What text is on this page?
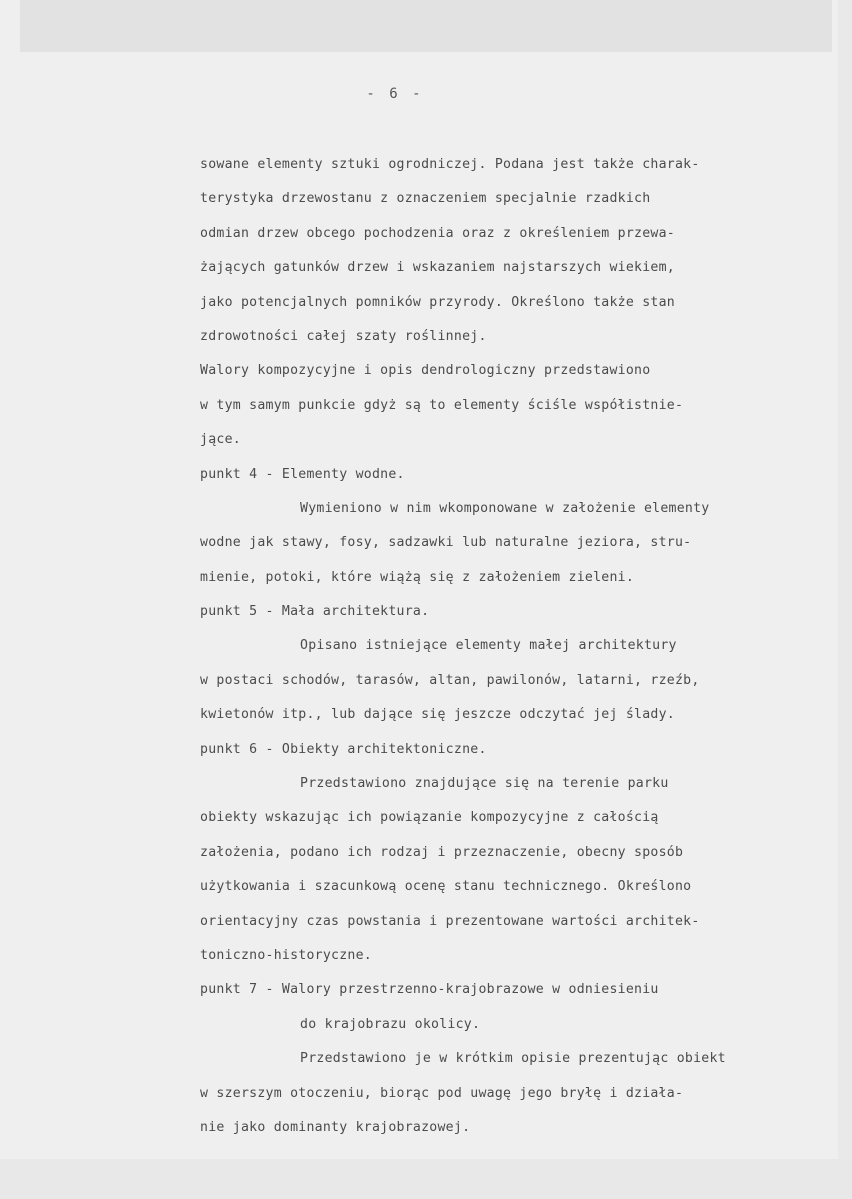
- 6 -
sowane elementy sztuki ogrodniczej. Podana jest także charak-
terystyka drzewostanu z oznaczeniem specjalnie rzadkich
odmian drzew obcego pochodzenia oraz z określeniem przewa-
żających gatunków drzew i wskazaniem najstarszych wiekiem,
jako potencjalnych pomników przyrody. Określono także stan
zdrowotności całej szaty roślinnej.
Walory kompozycyjne i opis dendrologiczny przedstawiono
w tym samym punkcie gdyż są to elementy ściśle współistnie-
jące.
punkt 4 - Elementy wodne.
Wymieniono w nim wkomponowane w założenie elementy
wodne jak stawy, fosy, sadzawki lub naturalne jeziora, stru-
mienie, potoki, które wiążą się z założeniem zieleni.
punkt 5 - Mała architektura.
Opisano istniejące elementy małej architektury
w postaci schodów, tarasów, altan, pawilonów, latarni, rzeźb,
kwietonów itp., lub dające się jeszcze odczytać jej ślady.
punkt 6 - Obiekty architektoniczne.
Przedstawiono znajdujące się na terenie parku
obiekty wskazując ich powiązanie kompozycyjne z całością
założenia, podano ich rodzaj i przeznaczenie, obecny sposób
użytkowania i szacunkową ocenę stanu technicznego. Określono
orientacyjny czas powstania i prezentowane wartości architek-
toniczno-historyczne.
punkt 7 - Walory przestrzenno-krajobrazowe w odniesieniu
do krajobrazu okolicy.
Przedstawiono je w krótkim opisie prezentując obiekt
w szerszym otoczeniu, biorąc pod uwagę jego bryłę i działa-
nie jako dominanty krajobrazowej.
